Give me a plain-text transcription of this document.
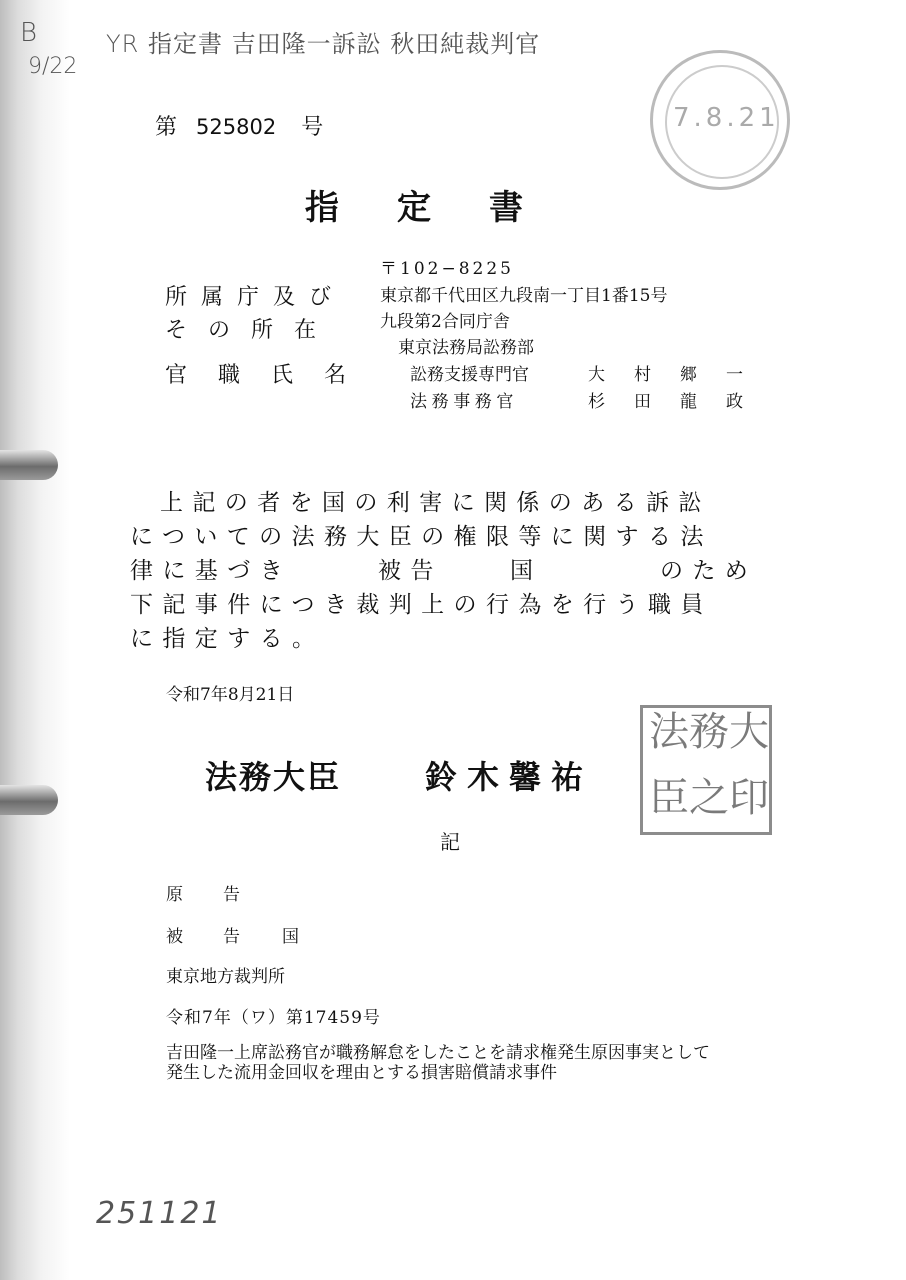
B
9/22
YR 指定書 吉田隆一訴訟 秋田純裁判官
251121
7.8.21
第 525802 号
指定書
所属庁及び
その所在
官職氏名
〒102−8225
東京都千代田区九段南一丁目1番15号
九段第2合同庁舎
東京法務局訟務部
訟務支援専門官	大　村　郷　一
法務事務官	杉　田　龍　政
上記の者を国の利害に関係のある訴訟
についての法務大臣の権限等に関する法
律に基づき	被告	国	のため
下記事件につき裁判上の行為を行う職員
に指定する。
令和7年8月21日
法務大臣	鈴木馨祐
法 務 大
臣 之 印
記
原告
被告 国
東京地方裁判所
令和7年（ワ）第17459号
吉田隆一上席訟務官が職務解怠をしたことを請求権発生原因事実として
発生した流用金回収を理由とする損害賠償請求事件
